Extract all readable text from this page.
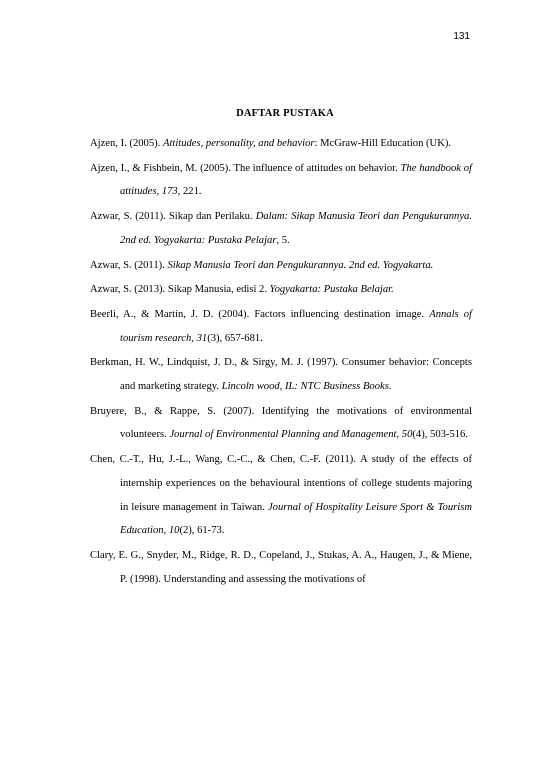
131
DAFTAR PUSTAKA

Ajzen, I. (2005). Attitudes, personality, and behavior: McGraw-Hill Education (UK).

Ajzen, I., & Fishbein, M. (2005). The influence of attitudes on behavior. The handbook of attitudes, 173, 221.

Azwar, S. (2011). Sikap dan Perilaku. Dalam: Sikap Manusia Teori dan Pengukurannya. 2nd ed. Yogyakarta: Pustaka Pelajar, 5.

Azwar, S. (2011). Sikap Manusia Teori dan Pengukurannya. 2nd ed. Yogyakarta.

Azwar, S. (2013). Sikap Manusia, edisi 2. Yogyakarta: Pustaka Belajar.

Beerli, A., & Martin, J. D. (2004). Factors influencing destination image. Annals of tourism research, 31(3), 657-681.

Berkman, H. W., Lindquist, J. D., & Sirgy, M. J. (1997). Consumer behavior: Concepts and marketing strategy. Lincoln wood, IL: NTC Business Books.

Bruyere, B., & Rappe, S. (2007). Identifying the motivations of environmental volunteers. Journal of Environmental Planning and Management, 50(4), 503-516.

Chen, C.-T., Hu, J.-L., Wang, C.-C., & Chen, C.-F. (2011). A study of the effects of internship experiences on the behavioural intentions of college students majoring in leisure management in Taiwan. Journal of Hospitality Leisure Sport & Tourism Education, 10(2), 61-73.

Clary, E. G., Snyder, M., Ridge, R. D., Copeland, J., Stukas, A. A., Haugen, J., & Miene, P. (1998). Understanding and assessing the motivations of
